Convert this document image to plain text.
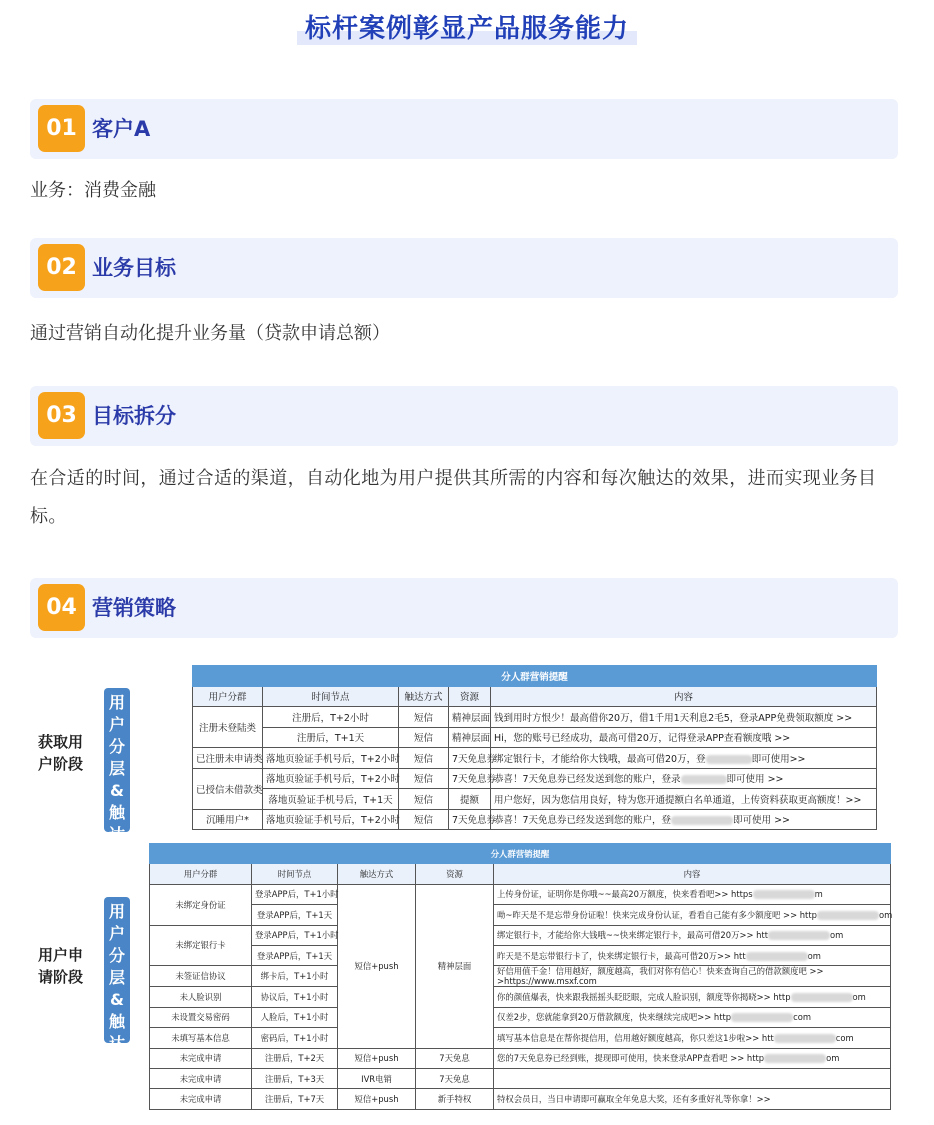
标杆案例彰显产品服务能力
01 客户A
业务：消费金融
02 业务目标
通过营销自动化提升业务量（贷款申请总额）
03 目标拆分
在合适的时间，通过合适的渠道，自动化地为用户提供其所需的内容和每次触达的效果，进而实现业务目标。
04 营销策略
获取用
户阶段
用
户
分
层
&
触
达
分人群营销提醒				
用户分群	时间节点	触达方式	资源	内容
注册未登陆类	注册后，T+2小时	短信	精神层面	钱到用时方恨少！最高借你20万，借1千用1天利息2毛5，登录APP免费领取额度 >>
	注册后，T+1天	短信	精神层面	Hi，您的账号已经成功，最高可借20万，记得登录APP查看额度哦 >>
已注册未申请类	落地页验证手机号后，T+2小时	短信	7天免息券	绑定银行卡，才能给你大钱哦，最高可借20万，登 即可使用>>
已授信未借款类	落地页验证手机号后，T+2小时	短信	7天免息券	恭喜！7天免息券已经发送到您的账户，登录 即可使用 >>
	落地页验证手机号后，T+1天	短信	提额	用户您好，因为您信用良好，特为您开通提额白名单通道，上传资料获取更高额度！>>
沉睡用户*	落地页验证手机号后，T+2小时	短信	7天免息券	恭喜！7天免息券已经发送到您的账户，登 即可使用 >>
用户申
请阶段
用
户
分
层
&
触
达
分人群营销提醒				
用户分群	时间节点	触达方式	资源	内容
未绑定身份证	登录APP后，T+1小时	短信+push	精神层面	上传身份证，证明你是你哦~~最高20万额度，快来看看吧>> https m
	登录APP后，T+1天			呦~昨天是不是忘带身份证啦！快来完成身份认证，看看自己能有多少额度吧 >> http om
未绑定银行卡	登录APP后，T+1小时			绑定银行卡，才能给你大钱哦~~快来绑定银行卡，最高可借20万>> htt om
	登录APP后，T+1天			昨天是不是忘带银行卡了，快来绑定银行卡，最高可借20万>> htt om
未签证信协议	绑卡后，T+1小时			好信用值千金！信用越好，额度越高，我们对你有信心！快来查询自己的借款额度吧 >>
>https://www.msxf.com
未人脸识别	协议后，T+1小时			你的颜值爆表，快来跟我摇摇头眨眨眼，完成人脸识别，额度等你揭晓>> http om
未设置交易密码	人脸后，T+1小时			仅差2步，您就能拿到20万借款额度，快来继续完成吧>> http com
未填写基本信息	密码后，T+1小时			填写基本信息是在帮你提信用，信用越好额度越高，你只差这1步啦>> htt com
未完成申请	注册后，T+2天	短信+push	7天免息	您的7天免息券已经到账，提现即可使用，快来登录APP查看吧 >> http om
未完成申请	注册后，T+3天	IVR电销	7天免息	
未完成申请	注册后，T+7天	短信+push	新手特权	特权会员日，当日申请即可赢取全年免息大奖，还有多重好礼等你拿！>>
